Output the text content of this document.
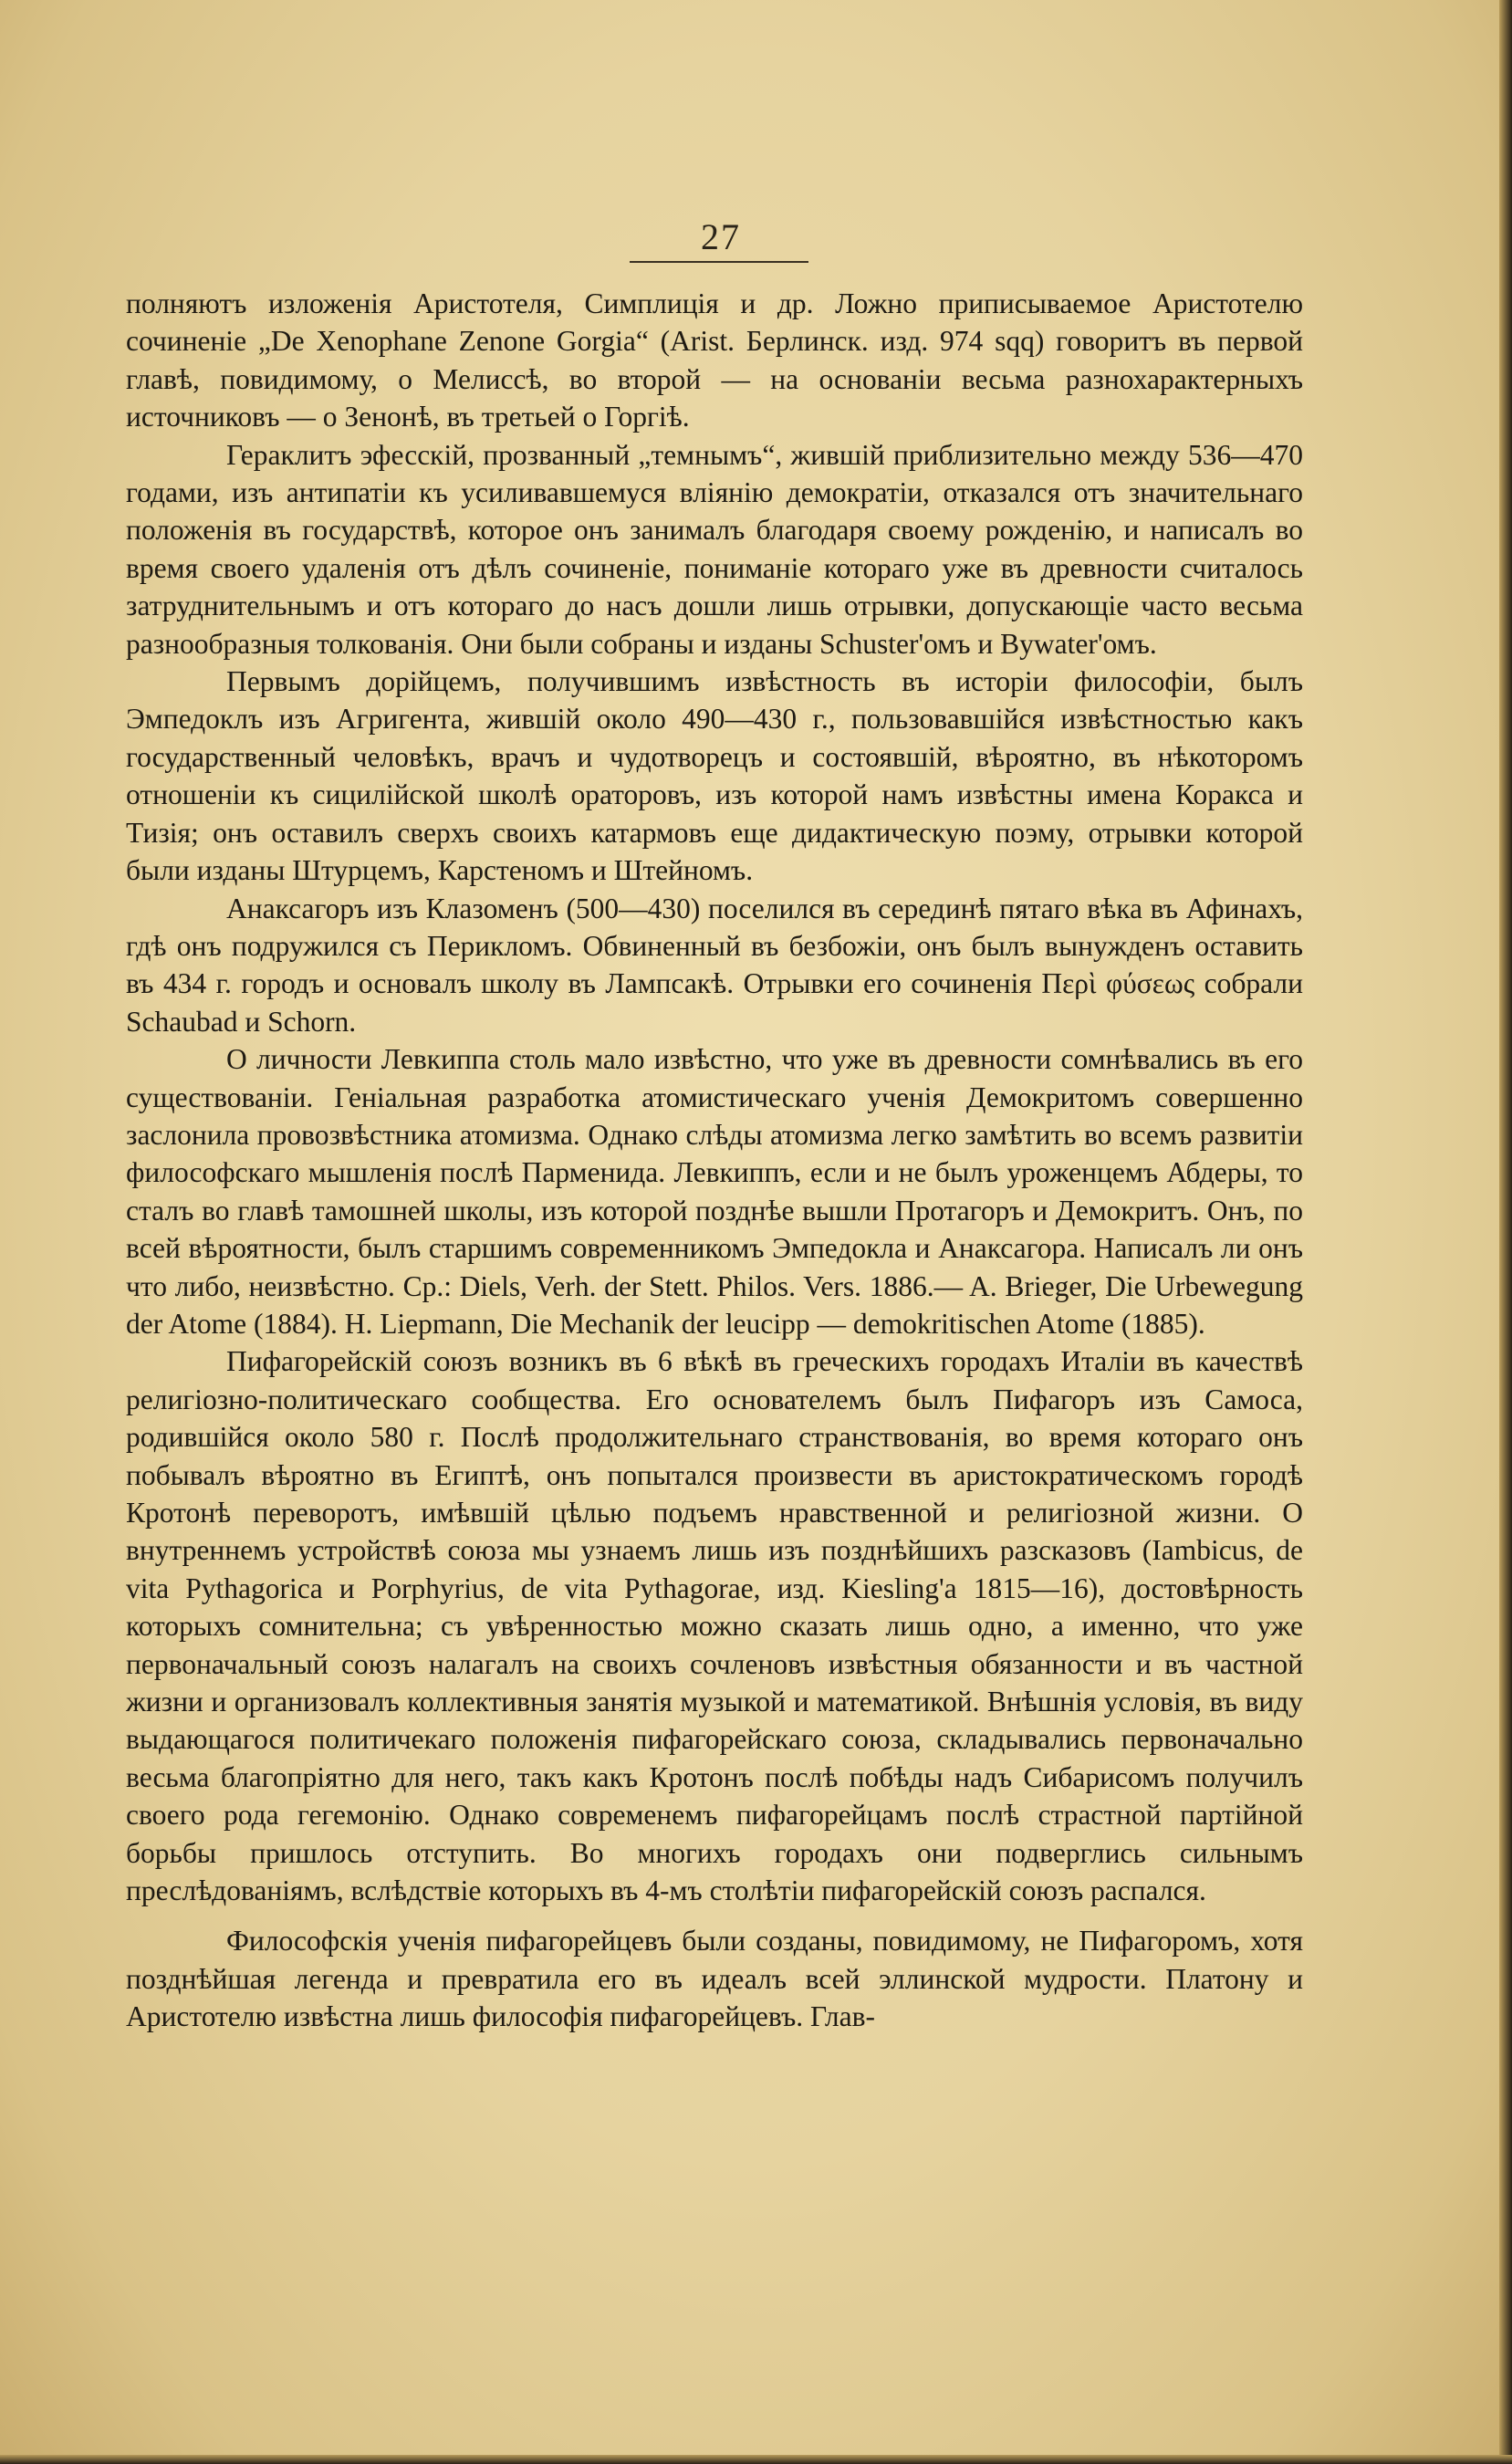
27

полняютъ изложенія Аристотеля, Симплиція и др. Ложно приписываемое Аристотелю сочиненіе „De Xenophane Zenone Gorgia“ (Arist. Берлинск. изд. 974 sqq) говоритъ въ первой главѣ, повидимому, о Мелиссѣ, во второй — на основаніи весьма разнохарактерныхъ источниковъ — о Зенонѣ, въ третьей о Горгіѣ.

Гераклитъ эфесскій, прозванный „темнымъ“, жившій приблизительно между 536—470 годами, изъ антипатіи къ усиливавшемуся вліянію демократіи, отказался отъ значительнаго положенія въ государствѣ, которое онъ занималъ благодаря своему рожденію, и написалъ во время своего удаленія отъ дѣлъ сочиненіе, пониманіе котораго уже въ древности считалось затруднительнымъ и отъ котораго до насъ дошли лишь отрывки, допускающіе часто весьма разнообразныя толкованія. Они были собраны и изданы Schuster'омъ и Bywater'омъ.

Первымъ дорійцемъ, получившимъ извѣстность въ исторіи философіи, былъ Эмпедоклъ изъ Агригента, жившій около 490—430 г., пользовавшійся извѣстностью какъ государственный человѣкъ, врачъ и чудотворецъ и состоявшій, вѣроятно, въ нѣкоторомъ отношеніи къ сицилійской школѣ ораторовъ, изъ которой намъ извѣстны имена Коракса и Тизія; онъ оставилъ сверхъ своихъ катармовъ еще дидактическую поэму, отрывки которой были изданы Штурцемъ, Карстеномъ и Штейномъ.

Анаксагоръ изъ Клазоменъ (500—430) поселился въ серединѣ пятаго вѣка въ Афинахъ, гдѣ онъ подружился съ Перикломъ. Обвиненный въ безбожіи, онъ былъ вынужденъ оставить въ 434 г. городъ и основалъ школу въ Лампсакѣ. Отрывки его сочиненія Περὶ φύσεως собрали Schaubad и Schorn.

О личности Левкиппа столь мало извѣстно, что уже въ древности сомнѣвались въ его существованіи. Геніальная разработка атомистическаго ученія Демокритомъ совершенно заслонила провозвѣстника атомизма. Однако слѣды атомизма легко замѣтить во всемъ развитіи философскаго мышленія послѣ Парменида. Левкиппъ, если и не былъ уроженцемъ Абдеры, то сталъ во главѣ тамошней школы, изъ которой позднѣе вышли Протагоръ и Демокритъ. Онъ, по всей вѣроятности, былъ старшимъ современникомъ Эмпедокла и Анаксагора. Написалъ ли онъ что либо, неизвѣстно. Ср.: Diels, Verh. der Stett. Philos. Vers. 1886.— A. Brieger, Die Urbewegung der Atome (1884). H. Liepmann, Die Mechanik der leucipp — demokritischen Atome (1885).

Пифагорейскій союзъ возникъ въ 6 вѣкѣ въ греческихъ городахъ Италіи въ качествѣ религіозно-политическаго сообщества. Его основателемъ былъ Пифагоръ изъ Самоса, родившійся около 580 г. Послѣ продолжительнаго странствованія, во время котораго онъ побывалъ вѣроятно въ Египтѣ, онъ попытался произвести въ аристократическомъ городѣ Кротонѣ переворотъ, имѣвшій цѣлью подъемъ нравственной и религіозной жизни. О внутреннемъ устройствѣ союза мы узнаемъ лишь изъ позднѣйшихъ разсказовъ (Iambicus, de vita Pythagorica и Porphyrius, de vita Pythagorae, изд. Kiesling'а 1815—16), достовѣрность которыхъ сомнительна; съ увѣренностью можно сказать лишь одно, а именно, что уже первоначальный союзъ налагалъ на своихъ сочленовъ извѣстныя обязанности и въ частной жизни и организовалъ коллективныя занятія музыкой и математикой. Внѣшнія условія, въ виду выдающагося политичекаго положенія пифагорейскаго союза, складывались первоначально весьма благопріятно для него, такъ какъ Кротонъ послѣ побѣды надъ Сибарисомъ получилъ своего рода гегемонію. Однако современемъ пифагорейцамъ послѣ страстной партійной борьбы пришлось отступить. Во многихъ городахъ они подверглись сильнымъ преслѣдованіямъ, вслѣдствіе которыхъ въ 4-мъ столѣтіи пифагорейскій союзъ распался.

Философскія ученія пифагорейцевъ были созданы, повидимому, не Пифагоромъ, хотя позднѣйшая легенда и превратила его въ идеалъ всей эллинской мудрости. Платону и Аристотелю извѣстна лишь философія пифагорейцевъ. Глав-
